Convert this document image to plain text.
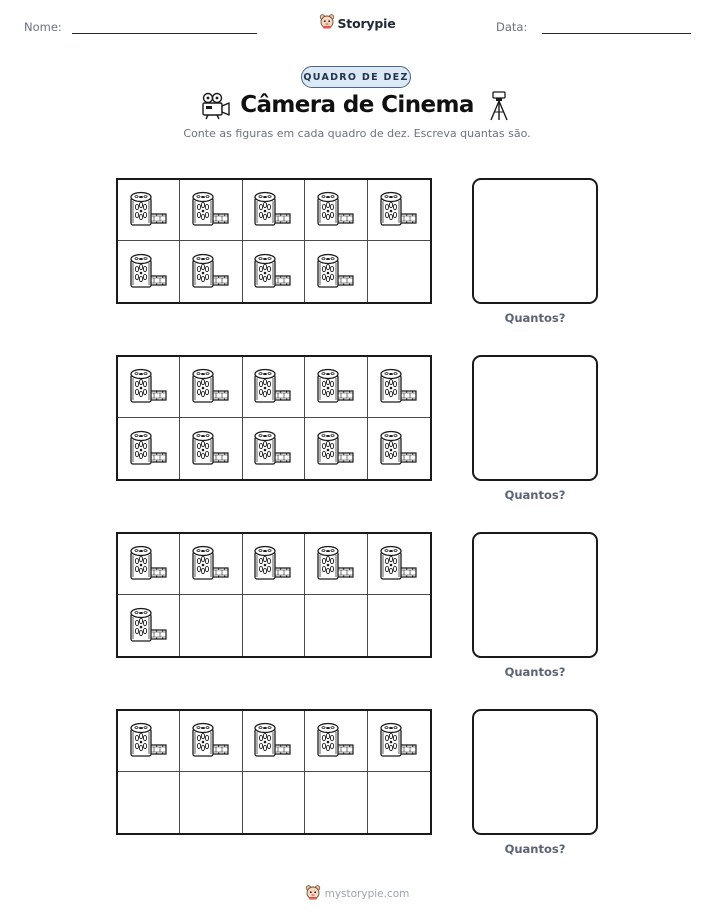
Nome:	Storypie	Data:
QUADRO DE DEZ
Câmera de Cinema
Conte as figuras em cada quadro de dez. Escreva quantas são.
Quantos?
Quantos?
Quantos?
Quantos?
mystorypie.com
